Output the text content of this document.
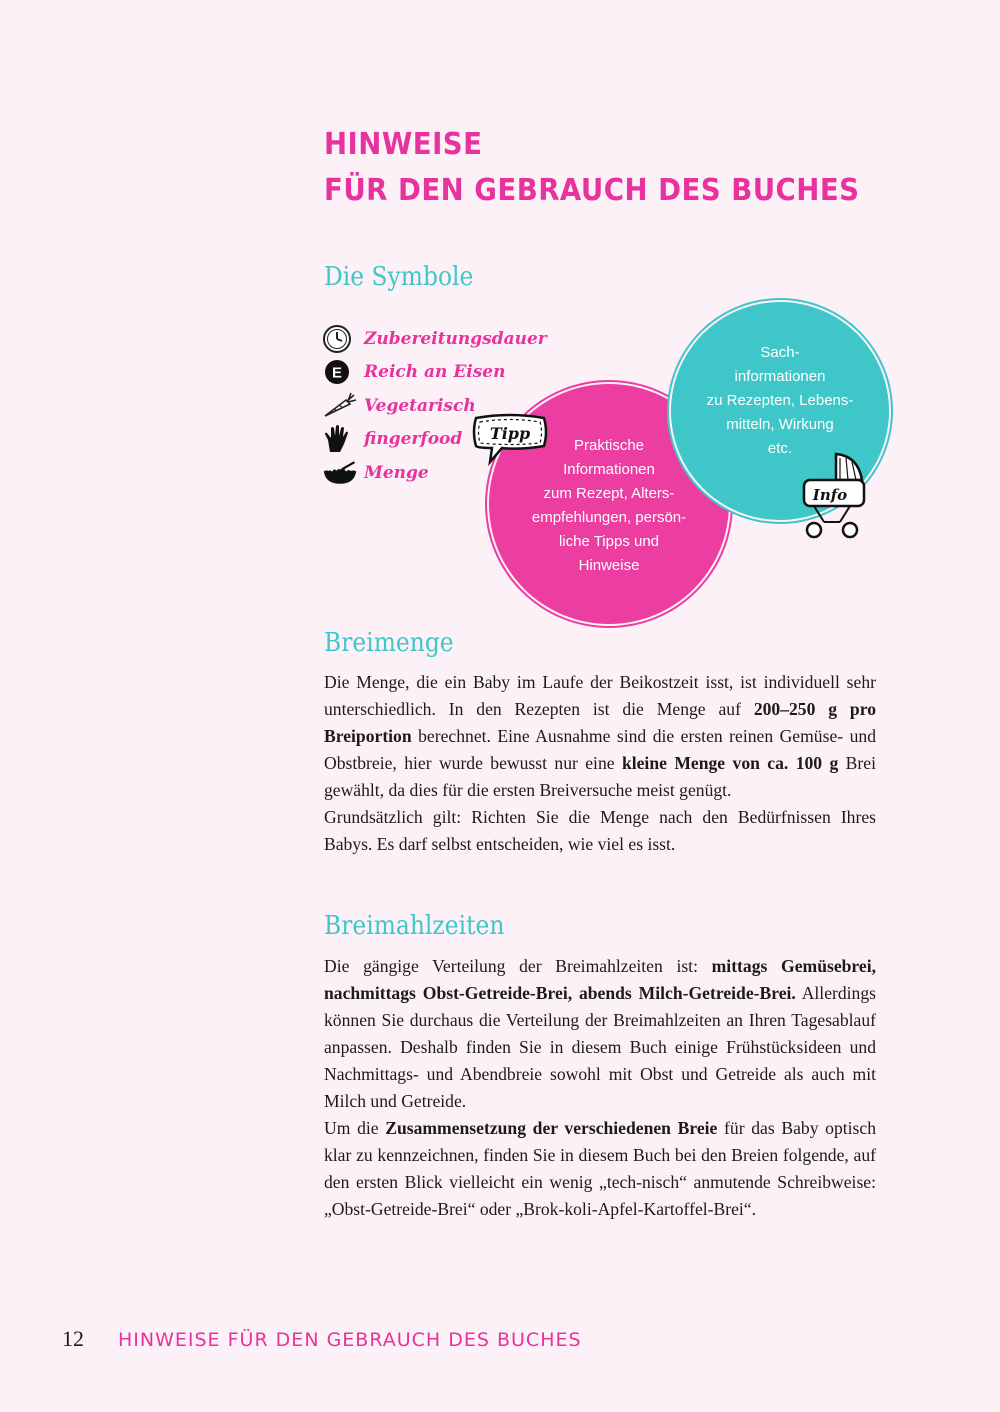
HINWEISE
FÜR DEN GEBRAUCH DES BUCHES
Die Symbole
Zubereitungsdauer
E Reich an Eisen
Vegetarisch
fingerfood
Menge
Praktische
Informationen
zum Rezept, Alters-
empfehlungen, persön-
liche Tipps und
Hinweise
Sach-
informationen
zu Rezepten, Lebens-
mitteln, Wirkung
etc.
Tipp
Info
Breimenge

Die Menge, die ein Baby im Laufe der Beikostzeit isst, ist individuell sehr unterschiedlich. In den Rezepten ist die Menge auf 200–250 g pro Breiportion berechnet. Eine Ausnahme sind die ersten reinen Gemüse- und Obstbreie, hier wurde bewusst nur eine kleine Menge von ca. 100 g Brei gewählt, da dies für die ersten Breiversuche meist genügt.

Grundsätzlich gilt: Richten Sie die Menge nach den Bedürfnissen Ihres Babys. Es darf selbst entscheiden, wie viel es isst.

Breimahlzeiten

Die gängige Verteilung der Breimahlzeiten ist: mittags Gemüsebrei, nachmittags Obst-Getreide-Brei, abends Milch-Getreide-Brei. Allerdings können Sie durchaus die Verteilung der Breimahlzeiten an Ihren Tagesablauf anpassen. Deshalb finden Sie in diesem Buch einige Frühstücksideen und Nachmittags- und Abendbreie sowohl mit Obst und Getreide als auch mit Milch und Getreide.

Um die Zusammensetzung der verschiedenen Breie für das Baby optisch klar zu kennzeichnen, finden Sie in diesem Buch bei den Breien folgende, auf den ersten Blick vielleicht ein wenig „tech-nisch“ anmutende Schreibweise: „Obst-Getreide-Brei“ oder „Brok-koli-Apfel-Kartoffel-Brei“.

12 HINWEISE FÜR DEN GEBRAUCH DES BUCHES
